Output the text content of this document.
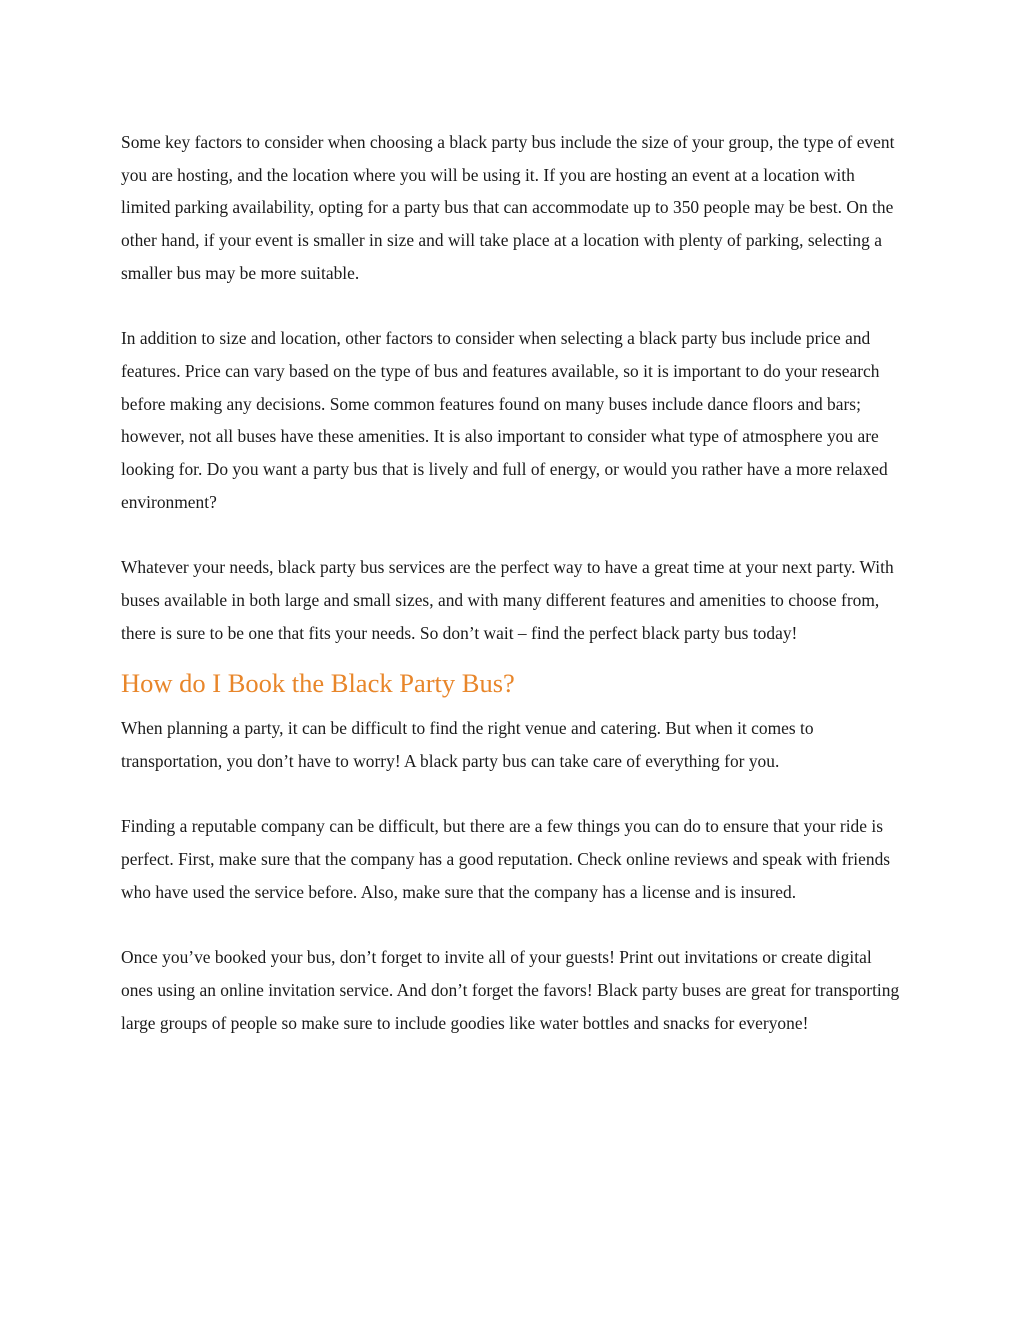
Some key factors to consider when choosing a black party bus include the size of your group, the type of event you are hosting, and the location where you will be using it. If you are hosting an event at a location with limited parking availability, opting for a party bus that can accommodate up to 350 people may be best. On the other hand, if your event is smaller in size and will take place at a location with plenty of parking, selecting a smaller bus may be more suitable.

In addition to size and location, other factors to consider when selecting a black party bus include price and features. Price can vary based on the type of bus and features available, so it is important to do your research before making any decisions. Some common features found on many buses include dance floors and bars; however, not all buses have these amenities. It is also important to consider what type of atmosphere you are looking for. Do you want a party bus that is lively and full of energy, or would you rather have a more relaxed environment?

Whatever your needs, black party bus services are the perfect way to have a great time at your next party. With buses available in both large and small sizes, and with many different features and amenities to choose from, there is sure to be one that fits your needs. So don’t wait – find the perfect black party bus today!

How do I Book the Black Party Bus?

When planning a party, it can be difficult to find the right venue and catering. But when it comes to transportation, you don’t have to worry! A black party bus can take care of everything for you.

Finding a reputable company can be difficult, but there are a few things you can do to ensure that your ride is perfect. First, make sure that the company has a good reputation. Check online reviews and speak with friends who have used the service before. Also, make sure that the company has a license and is insured.

Once you’ve booked your bus, don’t forget to invite all of your guests! Print out invitations or create digital ones using an online invitation service. And don’t forget the favors! Black party buses are great for transporting large groups of people so make sure to include goodies like water bottles and snacks for everyone!
